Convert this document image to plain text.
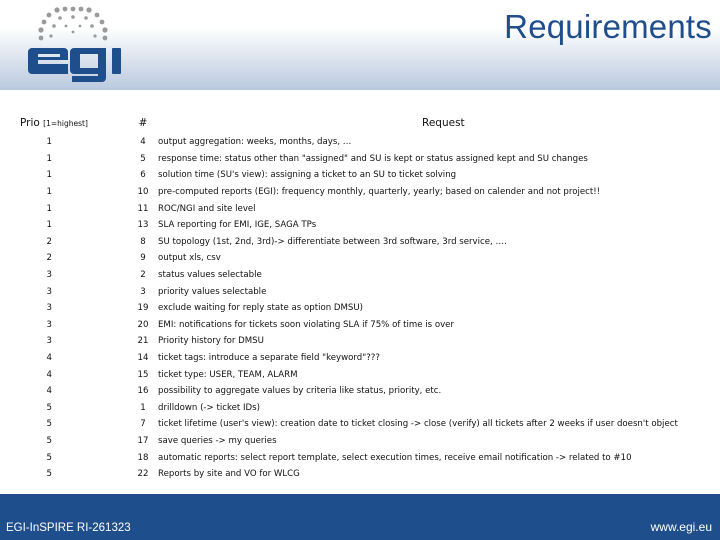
Requirements
Prio [1=highest]	#	Request
1	4	output aggregation: weeks, months, days, …
1	5	response time: status other than "assigned" and SU is kept or status assigned kept and SU changes
1	6	solution time (SU's view): assigning a ticket to an SU to ticket solving
1	10	pre-computed reports (EGI): frequency monthly, quarterly, yearly; based on calender and not project!!
1	11	ROC/NGI and site level
1	13	SLA reporting for EMI, IGE, SAGA TPs
2	8	SU topology (1st, 2nd, 3rd)-> differentiate between 3rd software, 3rd service, ….
2	9	output xls, csv
3	2	status values selectable
3	3	priority values selectable
3	19	exclude waiting for reply state as option DMSU)
3	20	EMI: notifications for tickets soon violating SLA if 75% of time is over
3	21	Priority history for DMSU
4	14	ticket tags: introduce a separate field "keyword"???
4	15	ticket type: USER, TEAM, ALARM
4	16	possibility to aggregate values by criteria like status, priority, etc.
5	1	drilldown (-> ticket IDs)
5	7	ticket lifetime (user's view): creation date to ticket closing -> close (verify) all tickets after 2 weeks if user doesn't object
5	17	save queries -> my queries
5	18	automatic reports: select report template, select execution times, receive email notification -> related to #10
5	22	Reports by site and VO for WLCG
EGI-InSPIRE RI-261323	www.egi.eu
